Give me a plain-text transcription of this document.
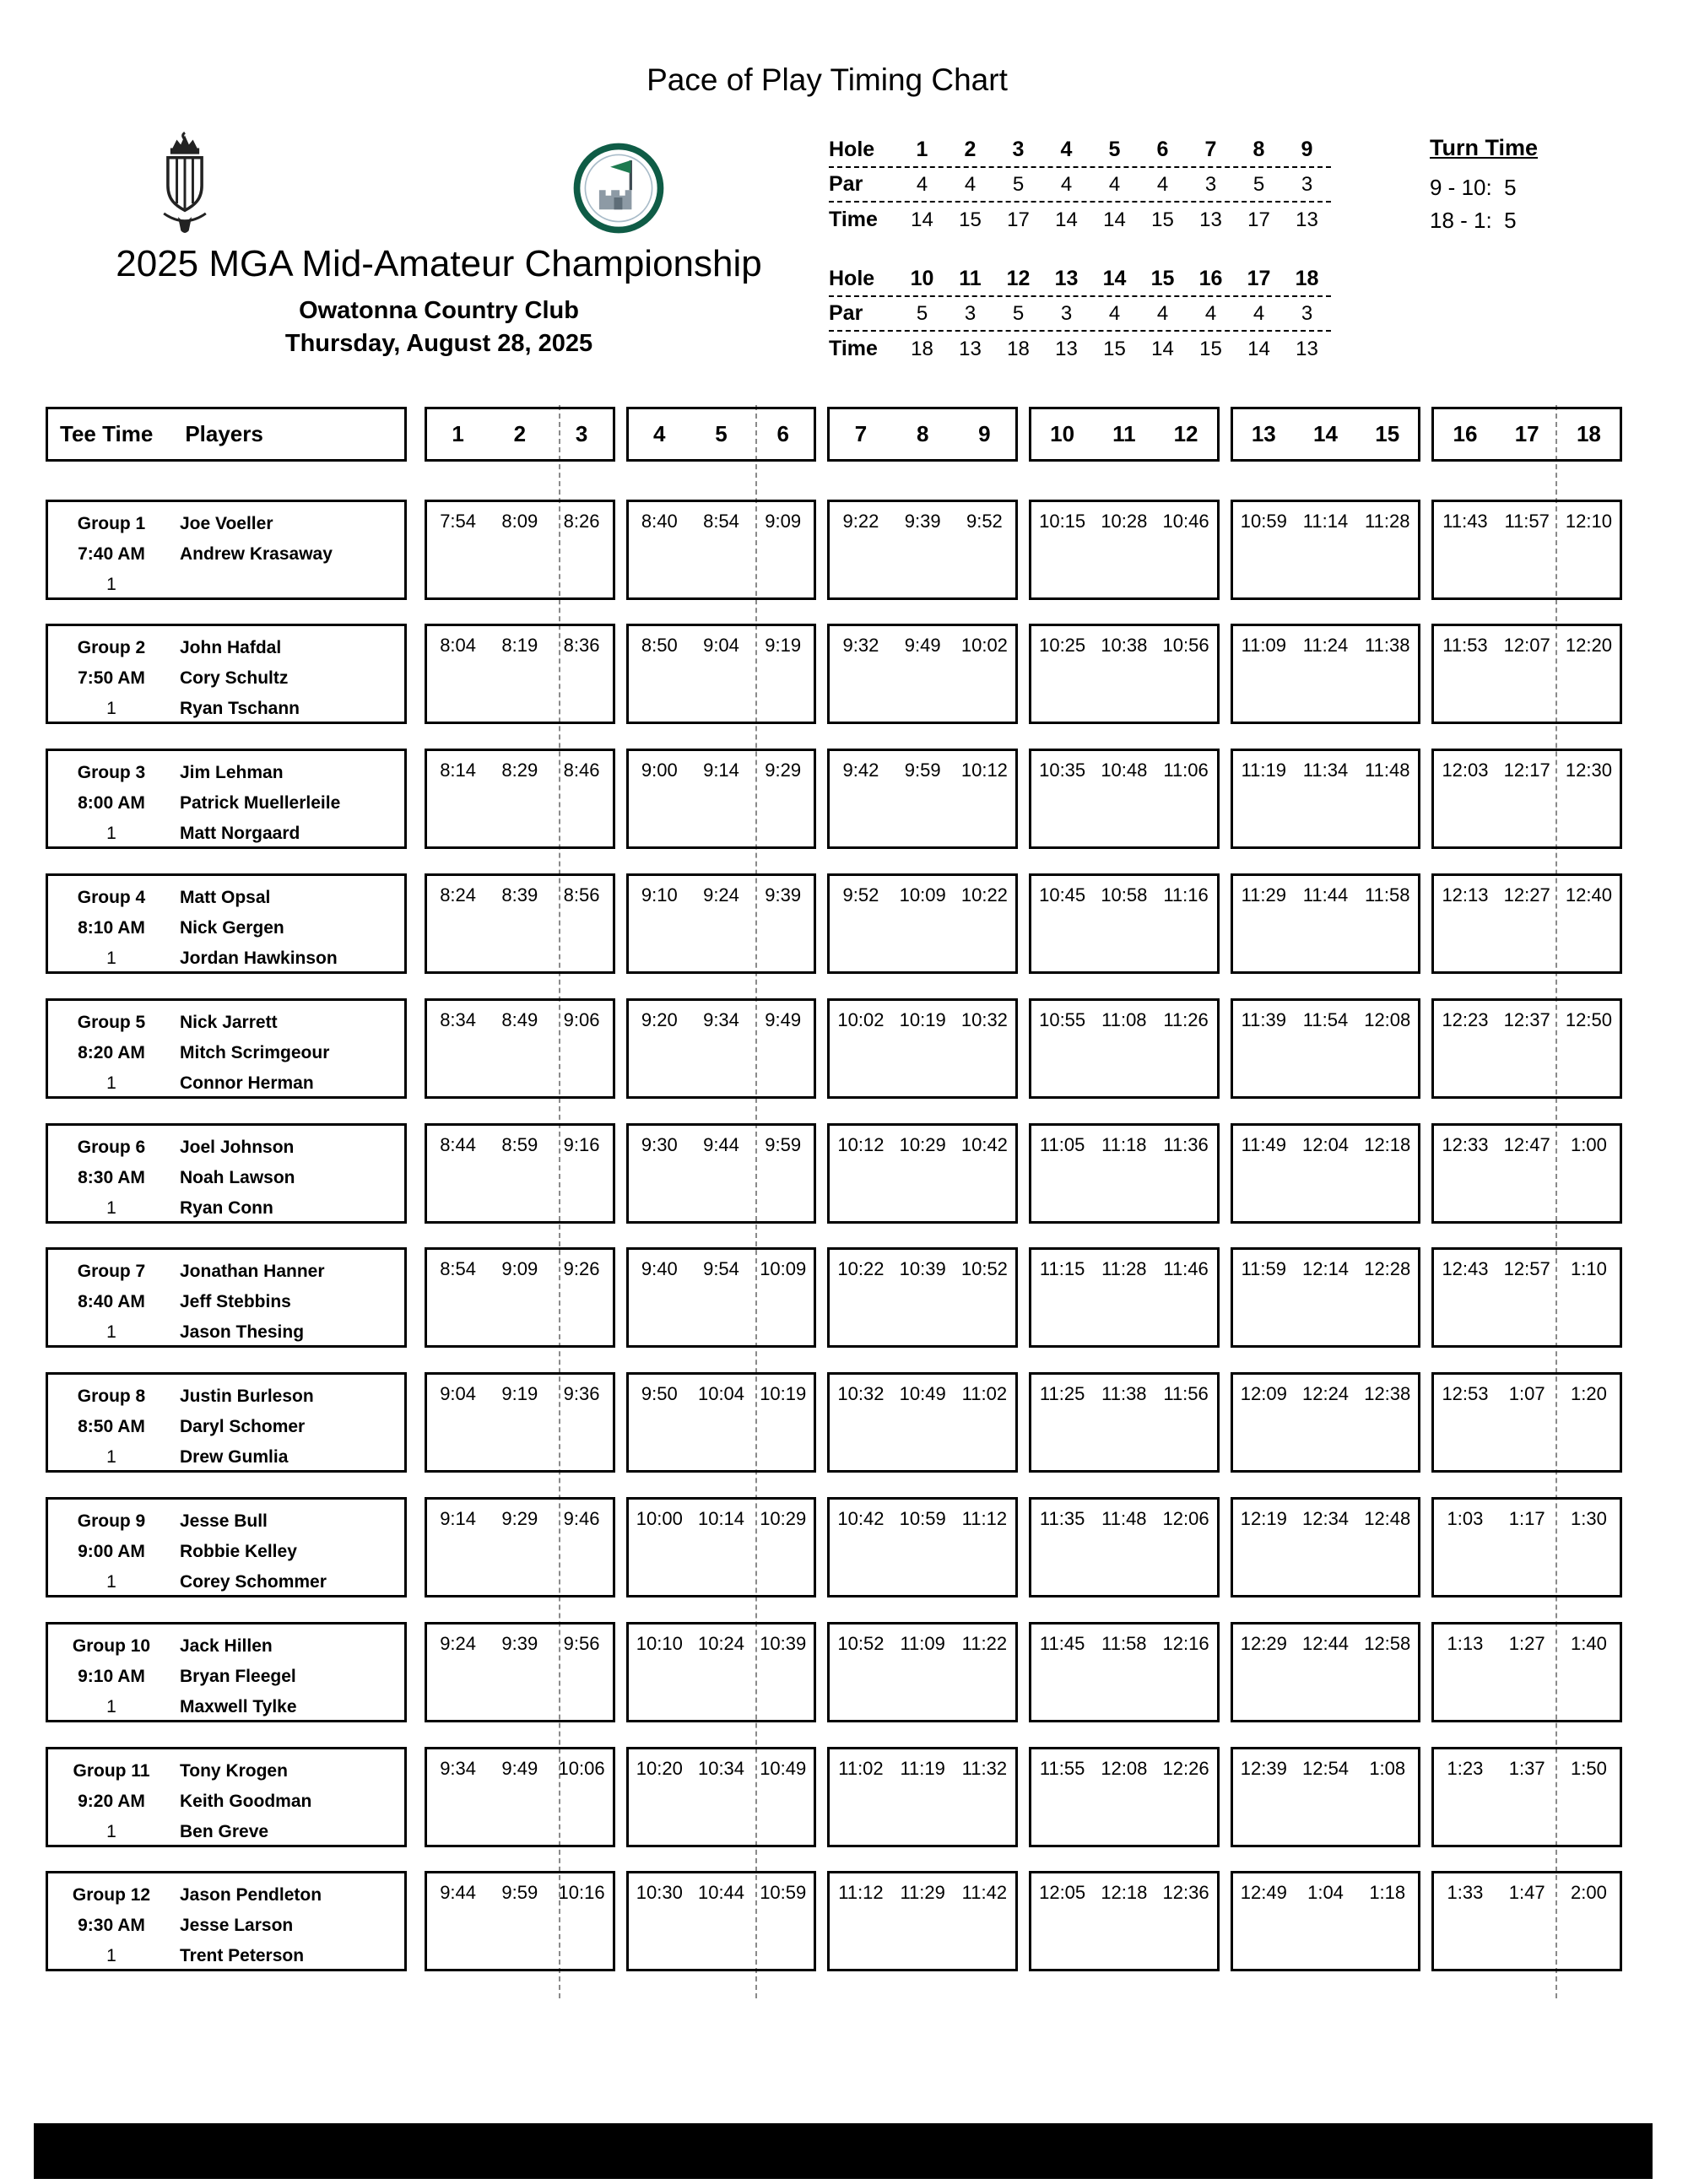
Pace of Play Timing Chart
2025 MGA Mid-Amateur Championship
Owatonna Country Club
Thursday, August 28, 2025
Hole	1	2	3	4	5	6	7	8	9
Par	4	4	5	4	4	4	3	5	3
Time	14	15	17	14	14	15	13	17	13
Hole	10	11	12	13	14	15	16	17	18
Par	5	3	5	3	4	4	4	4	3
Time	18	13	18	13	15	14	15	14	13
Turn Time
9 - 10:  5
18 - 1:  5
Tee Time Players	1	2	3	4	5	6	7	8	9	10	11	12	13	14	15	16	17	18
Group 1
7:40 AM
1
Joe Voeller
Andrew Krasaway
7:54	8:09	8:26	8:40	8:54	9:09	9:22	9:39	9:52	10:15 10:28 10:46	10:59 11:14 11:28	11:43 11:57 12:10
Group 2
7:50 AM
1
John Hafdal
Cory Schultz
Ryan Tschann
8:04	8:19	8:36	8:50	9:04	9:19	9:32	9:49	10:02	10:25 10:38 10:56	11:09 11:24 11:38	11:53 12:07 12:20
Group 3
8:00 AM
1
Jim Lehman
Patrick Muellerleile
Matt Norgaard
8:14	8:29	8:46	9:00	9:14	9:29	9:42	9:59	10:12	10:35 10:48 11:06	11:19 11:34 11:48	12:03 12:17 12:30
Group 4
8:10 AM
1
Matt Opsal
Nick Gergen
Jordan Hawkinson
8:24	8:39	8:56	9:10	9:24	9:39	9:52	10:09 10:22	10:45 10:58 11:16	11:29 11:44 11:58	12:13 12:27 12:40
Group 5
8:20 AM
1
Nick Jarrett
Mitch Scrimgeour
Connor Herman
8:34	8:49	9:06	9:20	9:34	9:49	10:02 10:19 10:32	10:55 11:08 11:26	11:39 11:54 12:08	12:23 12:37 12:50
Group 6
8:30 AM
1
Joel Johnson
Noah Lawson
Ryan Conn
8:44	8:59	9:16	9:30	9:44	9:59	10:12 10:29 10:42	11:05 11:18 11:36	11:49 12:04 12:18	12:33 12:47	1:00
Group 7
8:40 AM
1
Jonathan Hanner
Jeff Stebbins
Jason Thesing
8:54	9:09	9:26	9:40	9:54	10:09	10:22 10:39 10:52	11:15 11:28 11:46	11:59 12:14 12:28	12:43 12:57	1:10
Group 8
8:50 AM
1
Justin Burleson
Daryl Schomer
Drew Gumlia
9:04	9:19	9:36	9:50	10:04 10:19	10:32 10:49 11:02	11:25 11:38 11:56	12:09 12:24 12:38	12:53	1:07	1:20
Group 9
9:00 AM
1
Jesse Bull
Robbie Kelley
Corey Schommer
9:14	9:29	9:46	10:00 10:14 10:29	10:42 10:59 11:12	11:35 11:48 12:06	12:19 12:34 12:48	1:03	1:17	1:30
Group 10
9:10 AM
1
Jack Hillen
Bryan Fleegel
Maxwell Tylke
9:24	9:39	9:56	10:10 10:24 10:39	10:52 11:09 11:22	11:45 11:58 12:16	12:29 12:44 12:58	1:13	1:27	1:40
Group 11
9:20 AM
1
Tony Krogen
Keith Goodman
Ben Greve
9:34	9:49	10:06	10:20 10:34 10:49	11:02 11:19 11:32	11:55 12:08 12:26	12:39 12:54	1:08	1:23	1:37	1:50
Group 12
9:30 AM
1
Jason Pendleton
Jesse Larson
Trent Peterson
9:44	9:59	10:16	10:30 10:44 10:59	11:12 11:29 11:42	12:05 12:18 12:36	12:49	1:04	1:18	1:33	1:47	2:00
